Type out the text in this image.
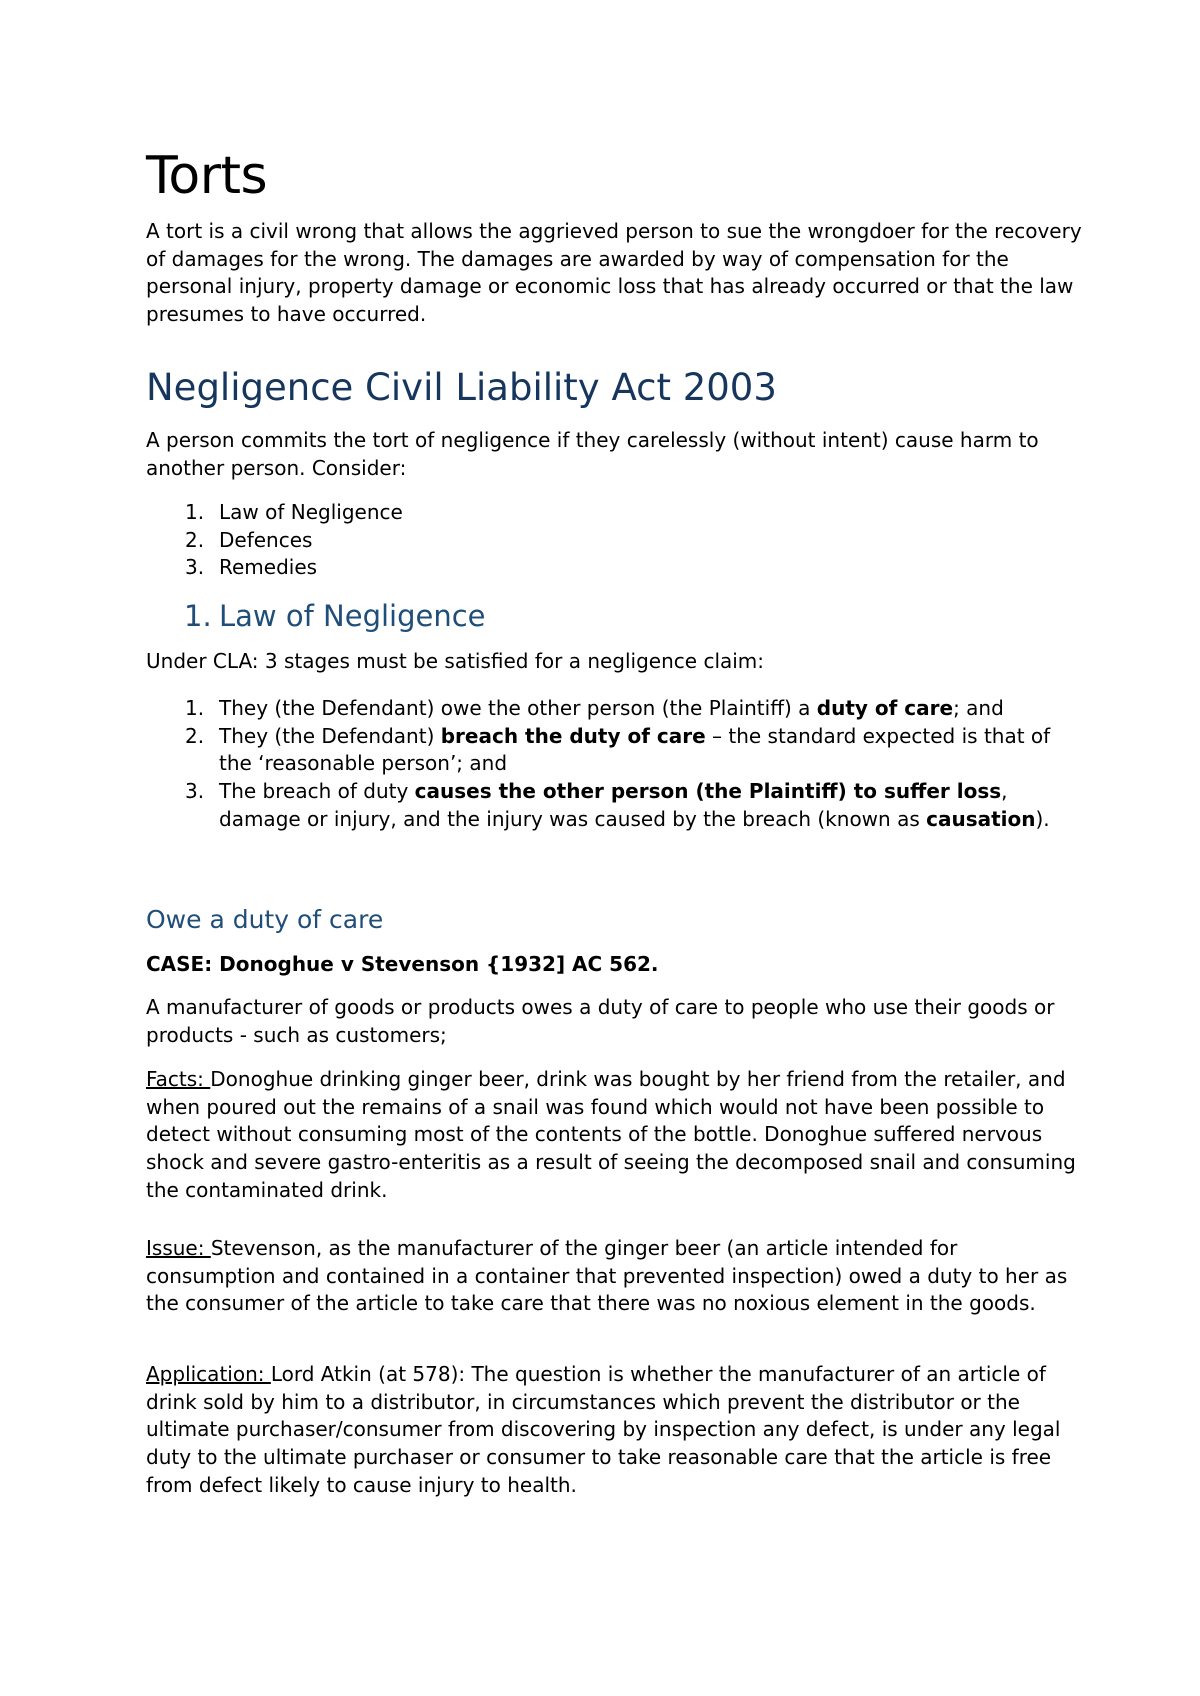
Torts

A tort is a civil wrong that allows the aggrieved person to sue the wrongdoer for the recovery of damages for the wrong. The damages are awarded by way of compensation for the personal injury, property damage or economic loss that has already occurred or that the law presumes to have occurred.

Negligence Civil Liability Act 2003

A person commits the tort of negligence if they carelessly (without intent) cause harm to another person. Consider:

1. Law of Negligence
2. Defences
3. Remedies
1. Law of Negligence

Under CLA: 3 stages must be satisfied for a negligence claim:

1. They (the Defendant) owe the other person (the Plaintiff) a duty of care; and
2. They (the Defendant) breach the duty of care – the standard expected is that of the ‘reasonable person’; and
3. The breach of duty causes the other person (the Plaintiff) to suffer loss, damage or injury, and the injury was caused by the breach (known as causation).
Owe a duty of care

CASE: Donoghue v Stevenson {1932] AC 562.

A manufacturer of goods or products owes a duty of care to people who use their goods or products - such as customers;

Facts: Donoghue drinking ginger beer, drink was bought by her friend from the retailer, and when poured out the remains of a snail was found which would not have been possible to detect without consuming most of the contents of the bottle. Donoghue suffered nervous shock and severe gastro-enteritis as a result of seeing the decomposed snail and consuming the contaminated drink.

Issue: Stevenson, as the manufacturer of the ginger beer (an article intended for consumption and contained in a container that prevented inspection) owed a duty to her as the consumer of the article to take care that there was no noxious element in the goods.

Application: Lord Atkin (at 578): The question is whether the manufacturer of an article of drink sold by him to a distributor, in circumstances which prevent the distributor or the ultimate purchaser/consumer from discovering by inspection any defect, is under any legal duty to the ultimate purchaser or consumer to take reasonable care that the article is free from defect likely to cause injury to health.
